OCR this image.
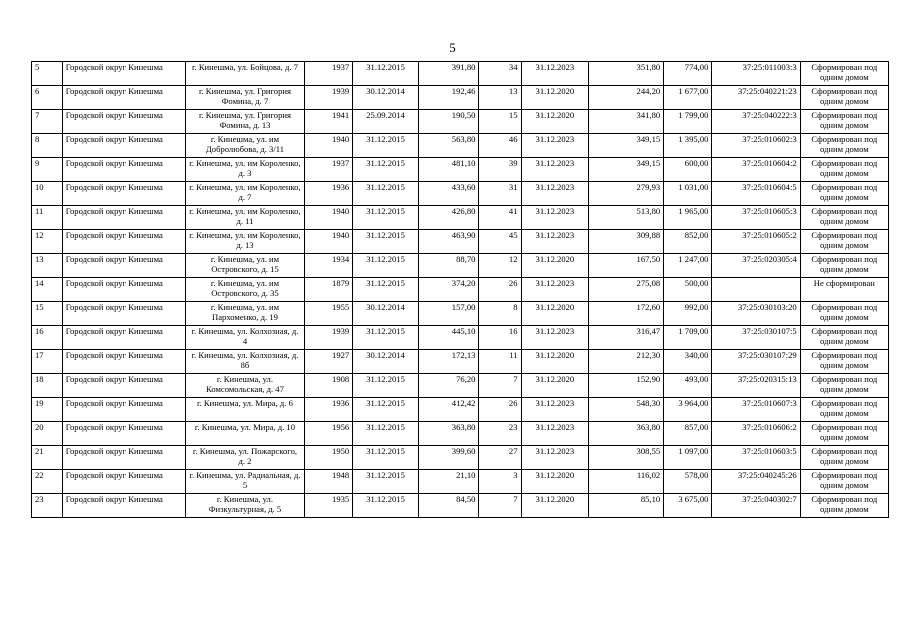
5
5	Городской округ Кинешма	г. Кинешма, ул. Бойцова, д. 7	1937	31.12.2015	391,80	34	31.12.2023	351,80	774,00	37:25:011003:3	Сформирован под одним домом
6	Городской округ Кинешма	г. Кинешма, ул. Григория Фомина, д. 7	1939	30.12.2014	192,46	13	31.12.2020	244,20	1 677,00	37:25:040221:23	Сформирован под одним домом
7	Городской округ Кинешма	г. Кинешма, ул. Григория Фомина, д. 13	1941	25.09.2014	190,50	15	31.12.2020	341,80	1 799,00	37:25:040222:3	Сформирован под одним домом
8	Городской округ Кинешма	г. Кинешма, ул. им Добролюбова, д. 3/11	1940	31.12.2015	563,80	46	31.12.2023	349,15	1 395,00	37:25:010602:3	Сформирован под одним домом
9	Городской округ Кинешма	г. Кинешма, ул. им Короленко, д. 3	1937	31.12.2015	481,10	39	31.12.2023	349,15	600,00	37:25:010604:2	Сформирован под одним домом
10	Городской округ Кинешма	г. Кинешма, ул. им Короленко, д. 7	1936	31.12.2015	433,60	31	31.12.2023	279,93	1 031,00	37:25:010604:5	Сформирован под одним домом
11	Городской округ Кинешма	г. Кинешма, ул. им Короленко, д. 11	1940	31.12.2015	426,80	41	31.12.2023	513,80	1 965,00	37:25:010605:3	Сформирован под одним домом
12	Городской округ Кинешма	г. Кинешма, ул. им Короленко, д. 13	1940	31.12.2015	463,90	45	31.12.2023	309,88	852,00	37:25:010605:2	Сформирован под одним домом
13	Городской округ Кинешма	г. Кинешма, ул. им Островского, д. 15	1934	31.12.2015	88,70	12	31.12.2020	167,50	1 247,00	37:25:020305:4	Сформирован под одним домом
14	Городской округ Кинешма	г. Кинешма, ул. им Островского, д. 35	1879	31.12.2015	374,20	26	31.12.2023	275,08	500,00		Не сформирован
15	Городской округ Кинешма	г. Кинешма, ул. им Пархоменко, д. 19	1955	30.12.2014	157,00	8	31.12.2020	172,60	992,00	37:25:030103:20	Сформирован под одним домом
16	Городской округ Кинешма	г. Кинешма, ул. Колхозная, д. 4	1939	31.12.2015	445,10	16	31.12.2023	316,47	1 709,00	37:25:030107:5	Сформирован под одним домом
17	Городской округ Кинешма	г. Кинешма, ул. Колхозная, д. 8б	1927	30.12.2014	172,13	11	31.12.2020	212,30	340,00	37:25:030107:29	Сформирован под одним домом
18	Городской округ Кинешма	г. Кинешма, ул. Комсомольская, д. 47	1908	31.12.2015	76,20	7	31.12.2020	152,90	493,00	37:25:020315:13	Сформирован под одним домом
19	Городской округ Кинешма	г. Кинешма, ул. Мира, д. 6	1936	31.12.2015	412,42	26	31.12.2023	548,30	3 964,00	37:25:010607:3	Сформирован под одним домом
20	Городской округ Кинешма	г. Кинешма, ул. Мира, д. 10	1956	31.12.2015	363,80	23	31.12.2023	363,80	857,00	37:25:010606:2	Сформирован под одним домом
21	Городской округ Кинешма	г. Кинешма, ул. Пожарского, д. 2	1950	31.12.2015	399,60	27	31.12.2023	308,55	1 097,00	37:25:010603:5	Сформирован под одним домом
22	Городской округ Кинешма	г. Кинешма, ул. Радиальная, д. 5	1948	31.12.2015	21,10	3	31.12.2020	116,02	578,00	37:25:040245:26	Сформирован под одним домом
23	Городской округ Кинешма	г. Кинешма, ул. Физкультурная, д. 5	1935	31.12.2015	84,50	7	31.12.2020	85,10	3 675,00	37:25:040302:7	Сформирован под одним домом
